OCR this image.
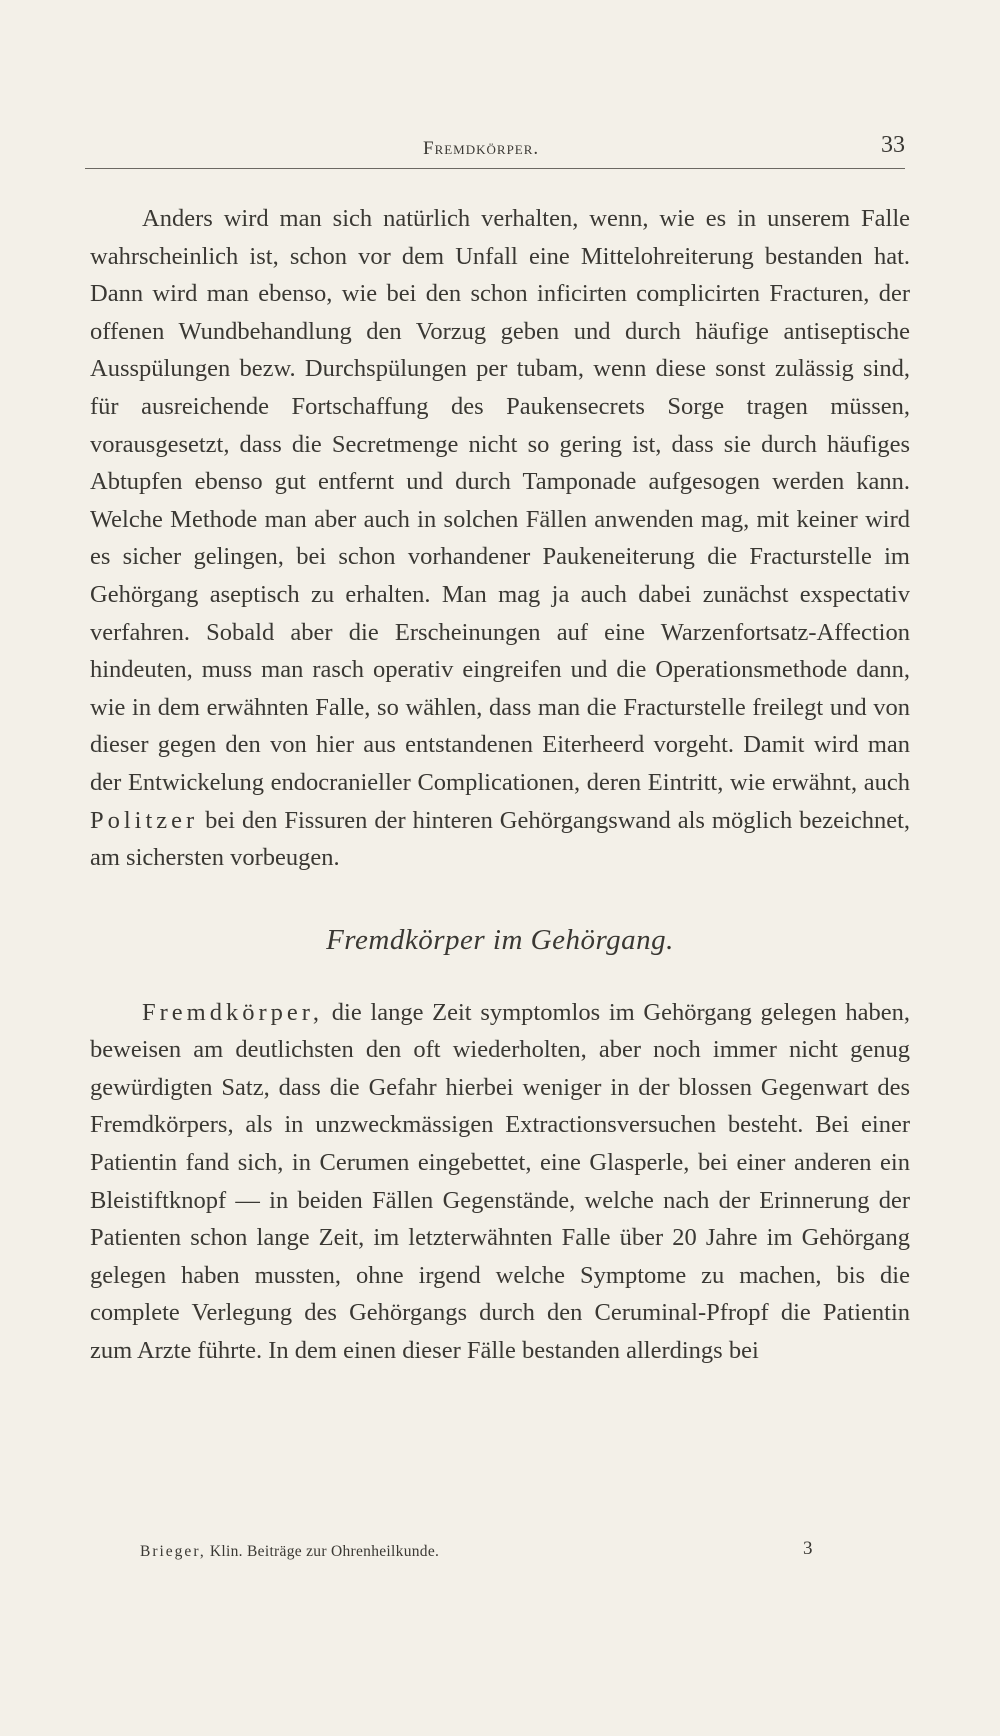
Fremdkörper.	33

Anders wird man sich natürlich verhalten, wenn, wie es in unserem Falle wahrscheinlich ist, schon vor dem Unfall eine Mittelohreiterung bestanden hat. Dann wird man ebenso, wie bei den schon inficirten complicirten Fracturen, der offenen Wundbehandlung den Vorzug geben und durch häufige antiseptische Ausspülungen bezw. Durchspülungen per tubam, wenn diese sonst zulässig sind, für ausreichende Fortschaffung des Paukensecrets Sorge tragen müssen, vorausgesetzt, dass die Secretmenge nicht so gering ist, dass sie durch häufiges Abtupfen ebenso gut entfernt und durch Tamponade aufgesogen werden kann. Welche Methode man aber auch in solchen Fällen anwenden mag, mit keiner wird es sicher gelingen, bei schon vorhandener Paukeneiterung die Fracturstelle im Gehörgang aseptisch zu erhalten. Man mag ja auch dabei zunächst exspectativ verfahren. Sobald aber die Erscheinungen auf eine Warzenfortsatz-Affection hindeuten, muss man rasch operativ eingreifen und die Operationsmethode dann, wie in dem erwähnten Falle, so wählen, dass man die Fracturstelle freilegt und von dieser gegen den von hier aus entstandenen Eiterheerd vorgeht. Damit wird man der Entwickelung endocranieller Complicationen, deren Eintritt, wie erwähnt, auch Politzer bei den Fissuren der hinteren Gehörgangswand als möglich bezeichnet, am sichersten vorbeugen.

Fremdkörper im Gehörgang.

Fremdkörper, die lange Zeit symptomlos im Gehörgang gelegen haben, beweisen am deutlichsten den oft wiederholten, aber noch immer nicht genug gewürdigten Satz, dass die Gefahr hierbei weniger in der blossen Gegenwart des Fremdkörpers, als in unzweckmässigen Extractionsversuchen besteht. Bei einer Patientin fand sich, in Cerumen eingebettet, eine Glasperle, bei einer anderen ein Bleistiftknopf — in beiden Fällen Gegenstände, welche nach der Erinnerung der Patienten schon lange Zeit, im letzterwähnten Falle über 20 Jahre im Gehörgang gelegen haben mussten, ohne irgend welche Symptome zu machen, bis die complete Verlegung des Gehörgangs durch den Ceruminal-Pfropf die Patientin zum Arzte führte. In dem einen dieser Fälle bestanden allerdings bei

Brieger, Klin. Beiträge zur Ohrenheilkunde.	3
